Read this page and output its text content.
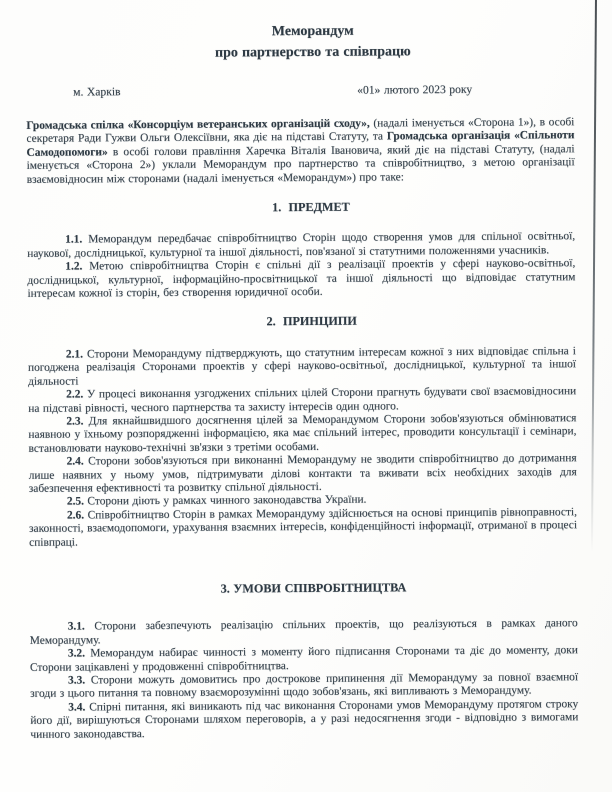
Меморандум
про партнерство та співпрацю
м. Харків	«01» лютого 2023 року

Громадська спілка «Консорціум ветеранських організацій сходу», (надалі іменується «Сторона 1»), в особі секретаря Ради Гужви Ольги Олексіївни, яка діє на підставі Статуту, та Громадська організація «Спільноти Самодопомоги» в особі голови правління Харечка Віталія Івановича, який діє на підставі Статуту, (надалі іменується «Сторона 2») уклали Меморандум про партнерство та співробітництво, з метою організації взаємовідносин між сторонами (надалі іменується «Меморандум») про таке:

1.  ПРЕДМЕТ

1.1. Меморандум передбачає співробітництво Сторін щодо створення умов для спільної освітньої, наукової, дослідницької, культурної та іншої діяльності, пов'язаної зі статутними положеннями учасників.

1.2. Метою співробітництва Сторін є спільні дії з реалізації проектів у сфері науково-освітньої, дослідницької, культурної, інформаційно-просвітницької та іншої діяльності що відповідає статутним інтересам кожної із сторін, без створення юридичної особи.

2.  ПРИНЦИПИ

2.1. Сторони Меморандуму підтверджують, що статутним інтересам кожної з них відповідає спільна і погоджена реалізація Сторонами проектів у сфері науково-освітньої, дослідницької, культурної та іншої діяльності

2.2. У процесі виконання узгоджених спільних цілей Сторони прагнуть будувати свої взаємовідносини на підставі рівності, чесного партнерства та захисту інтересів один одного.

2.3. Для якнайшвидшого досягнення цілей за Меморандумом Сторони зобов'язуються обмінюватися наявною у їхньому розпорядженні інформацією, яка має спільний інтерес, проводити консультації і семінари, встановлювати науково-технічні зв'язки з третіми особами.

2.4. Сторони зобов'язуються при виконанні Меморандуму не зводити співробітництво до дотримання лише наявних у ньому умов, підтримувати ділові контакти та вживати всіх необхідних заходів для забезпечення ефективності та розвитку спільної діяльності.

2.5. Сторони діють у рамках чинного законодавства України.

2.6. Співробітництво Сторін в рамках Меморандуму здійснюється на основі принципів рівноправності, законності, взаємодопомоги, урахування взаємних інтересів, конфіденційності інформації, отриманої в процесі співпраці.

3. УМОВИ СПІВРОБІТНИЦТВА

3.1. Сторони забезпечують реалізацію спільних проектів, що реалізуються в рамках даного Меморандуму.

3.2. Меморандум набирає чинності з моменту його підписання Сторонами та діє до моменту, доки Сторони зацікавлені у продовженні співробітництва.

3.3. Сторони можуть домовитись про дострокове припинення дії Меморандуму за повної взаємної згоди з цього питання та повному взаєморозумінні щодо зобов'язань, які випливають з Меморандуму.

3.4. Спірні питання, які виникають під час виконання Сторонами умов Меморандуму протягом строку його дії, вирішуються Сторонами шляхом переговорів, а у разі недосягнення згоди - відповідно з вимогами чинного законодавства.
